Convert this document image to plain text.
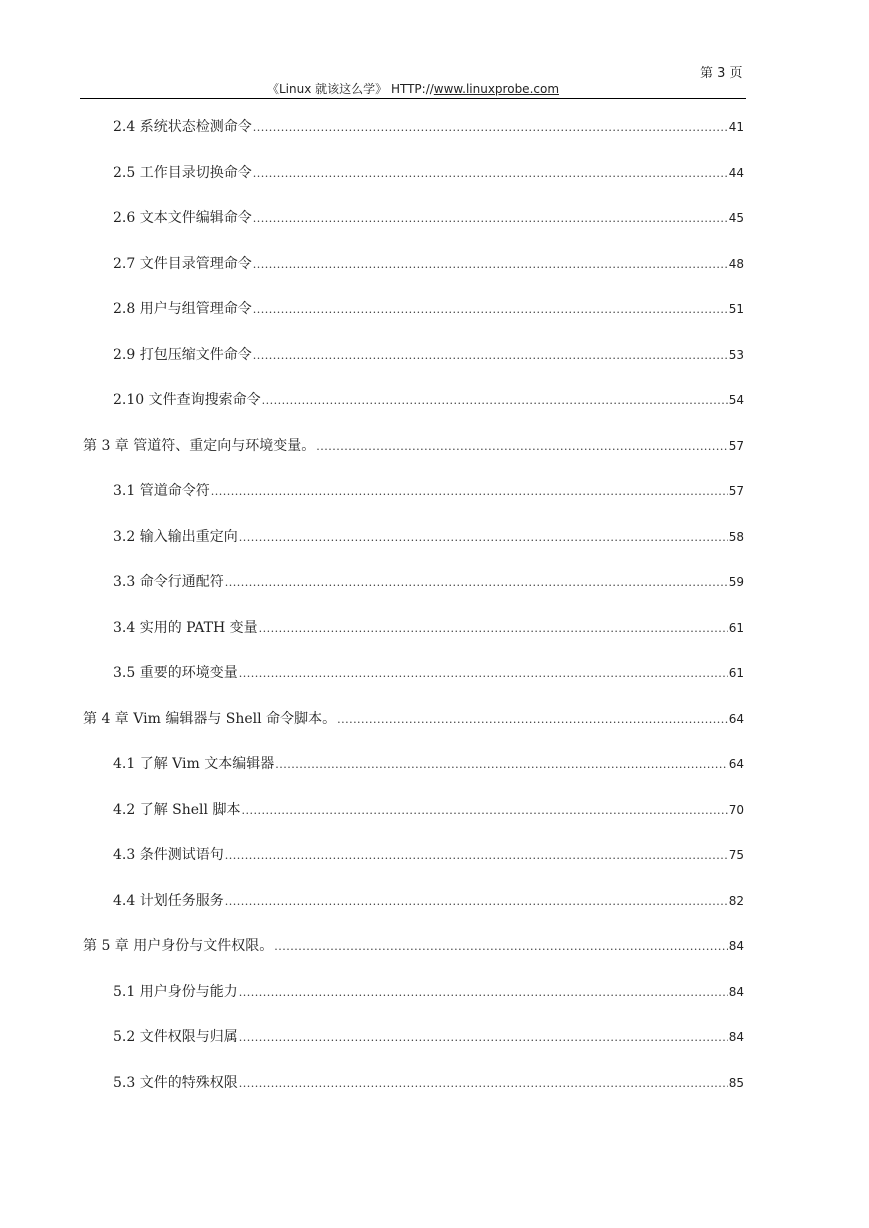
第 3 页
《Linux 就该这么学》 HTTP://www.linuxprobe.com
2.4 系统状态检测命令 .....	41
2.5 工作目录切换命令 .....	44
2.6 文本文件编辑命令 .....	45
2.7 文件目录管理命令 .....	48
2.8 用户与组管理命令 .....	51
2.9 打包压缩文件命令 .....	53
2.10 文件查询搜索命令 .....	54
第 3 章 管道符、重定向与环境变量。 .....	57
3.1 管道命令符 .....	57
3.2 输入输出重定向 .....	58
3.3 命令行通配符 .....	59
3.4 实用的 PATH 变量 .....	61
3.5 重要的环境变量 .....	61
第 4 章 Vim 编辑器与 Shell 命令脚本。 .....	64
4.1 了解 Vim 文本编辑器 .....	64
4.2 了解 Shell 脚本 .....	70
4.3 条件测试语句 .....	75
4.4 计划任务服务 .....	82
第 5 章 用户身份与文件权限。 .....	84
5.1 用户身份与能力 .....	84
5.2 文件权限与归属 .....	84
5.3 文件的特殊权限 .....	85
